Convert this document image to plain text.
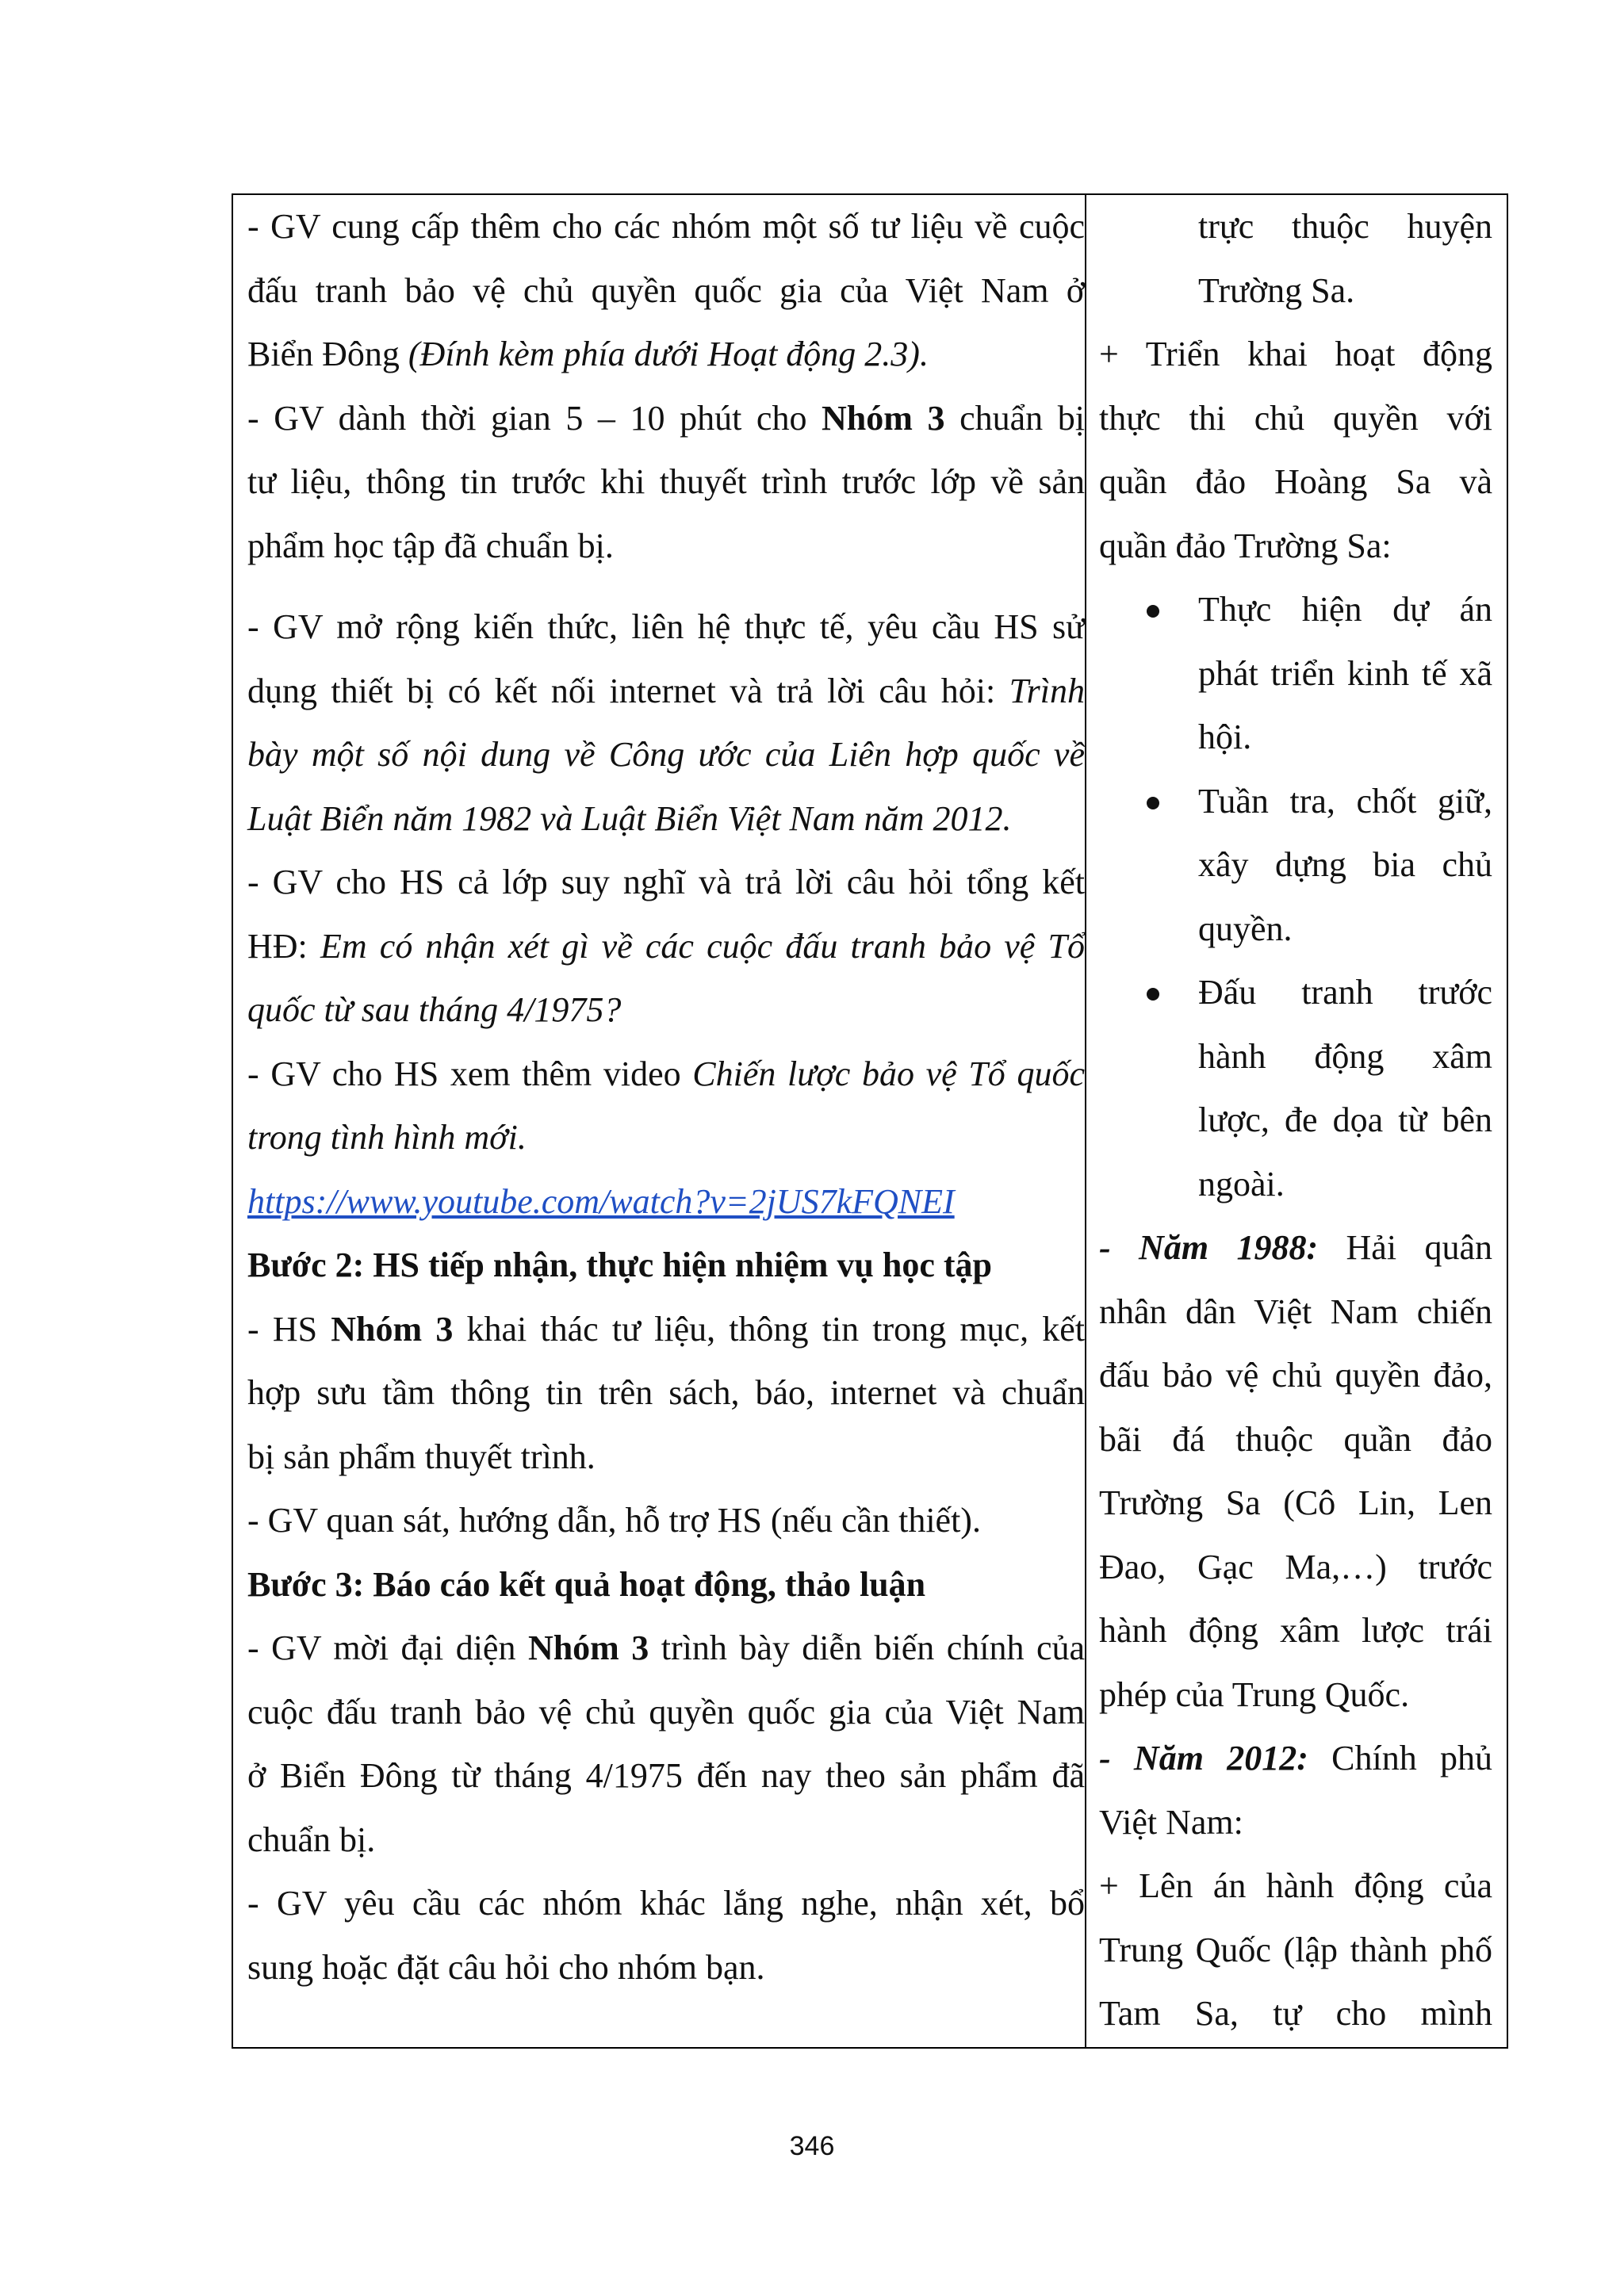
- GV cung cấp thêm cho các nhóm một số tư liệu về cuộc
đấu tranh bảo vệ chủ quyền quốc gia của Việt Nam ở
Biển Đông (Đính kèm phía dưới Hoạt động 2.3).
- GV dành thời gian 5 – 10 phút cho Nhóm 3 chuẩn bị
tư liệu, thông tin trước khi thuyết trình trước lớp về sản
phẩm học tập đã chuẩn bị.
- GV mở rộng kiến thức, liên hệ thực tế, yêu cầu HS sử
dụng thiết bị có kết nối internet và trả lời câu hỏi: Trình
bày một số nội dung về Công ước của Liên hợp quốc về
Luật Biển năm 1982 và Luật Biển Việt Nam năm 2012.
- GV cho HS cả lớp suy nghĩ và trả lời câu hỏi tổng kết
HĐ: Em có nhận xét gì về các cuộc đấu tranh bảo vệ Tổ
quốc từ sau tháng 4/1975?
- GV cho HS xem thêm video Chiến lược bảo vệ Tổ quốc
trong tình hình mới.
https://www.youtube.com/watch?v=2jUS7kFQNEI
Bước 2: HS tiếp nhận, thực hiện nhiệm vụ học tập
- HS Nhóm 3 khai thác tư liệu, thông tin trong mục, kết
hợp sưu tầm thông tin trên sách, báo, internet và chuẩn
bị sản phẩm thuyết trình.
- GV quan sát, hướng dẫn, hỗ trợ HS (nếu cần thiết).
Bước 3: Báo cáo kết quả hoạt động, thảo luận
- GV mời đại diện Nhóm 3 trình bày diễn biến chính của
cuộc đấu tranh bảo vệ chủ quyền quốc gia của Việt Nam
ở Biển Đông từ tháng 4/1975 đến nay theo sản phẩm đã
chuẩn bị.
- GV yêu cầu các nhóm khác lắng nghe, nhận xét, bổ
sung hoặc đặt câu hỏi cho nhóm bạn.
trực thuộc huyện
Trường Sa.
+ Triển khai hoạt động
thực thi chủ quyền với
quần đảo Hoàng Sa và
quần đảo Trường Sa:
Thực hiện dự án
phát triển kinh tế xã
hội.
Tuần tra, chốt giữ,
xây dựng bia chủ
quyền.
Đấu tranh trước
hành động xâm
lược, đe dọa từ bên
ngoài.
- Năm 1988: Hải quân
nhân dân Việt Nam chiến
đấu bảo vệ chủ quyền đảo,
bãi đá thuộc quần đảo
Trường Sa (Cô Lin, Len
Đao, Gạc Ma,…) trước
hành động xâm lược trái
phép của Trung Quốc.
- Năm 2012: Chính phủ
Việt Nam:
+ Lên án hành động của
Trung Quốc (lập thành phố
Tam Sa, tự cho mình
346
